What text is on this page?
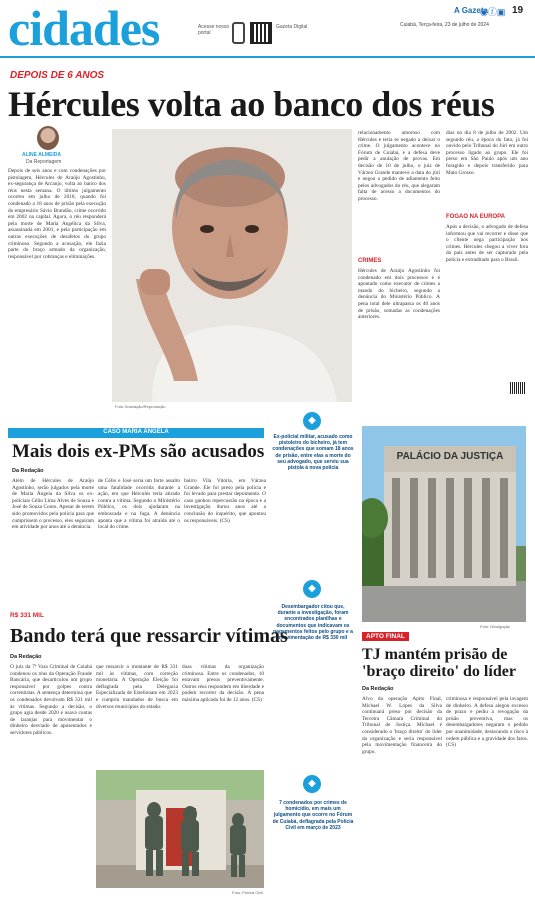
cidades	Acesse nosso portal
Gazeta Digital
A Gazeta
◉ⓕ▣ 19
Cuiabá, Terça-feira, 23 de julho de 2024
DEPOIS DE 6 ANOS
Hércules volta ao banco dos réus
ALINE ALMEIDA
Da Reportagem
Depois de seis anos e com condenações por pistolagem, Hércules de Araújo Agostinho, ex-segurança de Arcanjo, volta ao banco dos réus nesta semana. O último julgamento ocorreu em julho de 2018, quando foi condenado a 18 anos de prisão pela execução do empresário Sávio Brandão, crime ocorrido em 2002 na capital. Agora, o réu responderá pela morte de Maria Angélica da Silva, assassinada em 2001, e pela participação em outras execuções de desafetos do grupo criminoso. Segundo a acusação, ele fazia parte do braço armado da organização, responsável por cobranças e eliminações.
Foto: Ilustração/Reprodução
relacionamento amoroso com Hércules e teria se negado a deixar o crime. O julgamento acontece no Fórum de Cuiabá, e a defesa deve pedir a anulação de provas. Em decisão de 10 de julho, o juiz de Várzea Grande manteve a data do júri e negou o pedido de adiamento feito pelos advogados do réu, que alegaram falta de acesso a documentos do processo.
CRIMES
Hércules de Araújo Agostinho foi condenado em dois processos e é apontado como executor de crimes a mando do bicheiro, segundo a denúncia do Ministério Público. A pena total dele ultrapassa os 40 anos de prisão, somadas as condenações anteriores.
dias no dia 8 de julho de 2002. Um segundo réu, a época do fato, já foi ouvido pelo Tribunal do Júri em outro processo ligado ao grupo. Ele foi preso em São Paulo após um ano foragido e depois transferido para Mato Grosso.
FOGAO NA EUROPA
Após a decisão, o advogado de defesa informou que vai recorrer e disse que o cliente nega participação nos crimes. Hércules chegou a viver fora do país antes de ser capturado pela polícia e extraditado para o Brasil.
CASO MARIA ÂNGELA
Mais dois ex-PMs são acusados
Da Redação
Além de Hércules de Araújo Agostinho, serão julgados pela morte de Maria Ângela da Silva os ex-policiais Célio Lima Alves de Souza e José de Souza Couto. Apesar de terem sido promovidos pela polícia para que cumprissem o processo, eles seguiram em atividade por anos até a denúncia.
de Célio e José seria um forte assalto uma fatalidade ocorrida durante a ação, em que Hércules teria atirado contra a vítima. Segundo o Ministério Público, os dois ajudaram na emboscada e na fuga. A denúncia aponta que a vítima foi atraída até o local do crime.
bairro Vila Vitória, em Várzea Grande. Ele foi preso pela polícia e foi levado para prestar depoimento. O caso ganhou repercussão na época e a investigação durou anos até a conclusão do inquérito, que apontou os responsáveis. (CS)
◆
Ex-policial militar, acusado como pistoleiro do bicheiro, já tem condenações que somam 18 anos de prisão, entre elas a morte do seu advogado, que serviu sua pistola à nova policia
◆
Desembargador citou que, durante a investigação, foram encontrados planilhas e documentos que indicavam os pagamentos feitos pelo grupo e a movimentação de R$ 330 mil
◆
7 condenados por crimes de homicídio, em mais um julgamento que ocorre no Fórum de Cuiabá, deflagrada pela Polícia Civil em março de 2023
PALÁCIO DA JUSTIÇA
Foto: Divulgação
R$ 331 MIL
Bando terá que ressarcir vítimas
Da Redação
O juiz da 7ª Vara Criminal de Cuiabá condenou os réus da Operação Fraude Bancária, que desarticulou um grupo responsável por golpes contra correntistas. A sentença determina que os condenados devolvam R$ 331 mil às vítimas. Segundo a decisão, o grupo agia desde 2020 e usava contas de laranjas para movimentar o dinheiro desviado de aposentados e servidores públicos.
que ressarcir o montante de R$ 331 mil às vítimas, com correção monetária. A Operação Eleição foi deflagrada pela Delegacia Especializada de Estelionato em 2023 e cumpriu mandados de busca em diversos municípios do estado.
duas vítimas da organização criminosa. Entre os condenados, 10 estavam presos preventivamente. Outros réus respondem em liberdade e podem recorrer da decisão. A pena máxima aplicada foi de 12 anos. (CS)
Foto: Polícia Civil
APTO FINAL
TJ mantém prisão de 'braço direito' do líder
Da Redação
Alvo da operação Apito Final, Michael W. Lopes da Silva continuará preso por decisão da Terceira Câmara Criminal do Tribunal de Justiça. Michael é considerado o 'braço direito' do líder da organização e seria responsável pela movimentação financeira do grupo.
criminosa e responsável pela lavagem de dinheiro. A defesa alegou excesso de prazo e pediu a revogação da prisão preventiva, mas os desembargadores negaram o pedido por unanimidade, destacando o risco à ordem pública e a gravidade dos fatos. (CS)
